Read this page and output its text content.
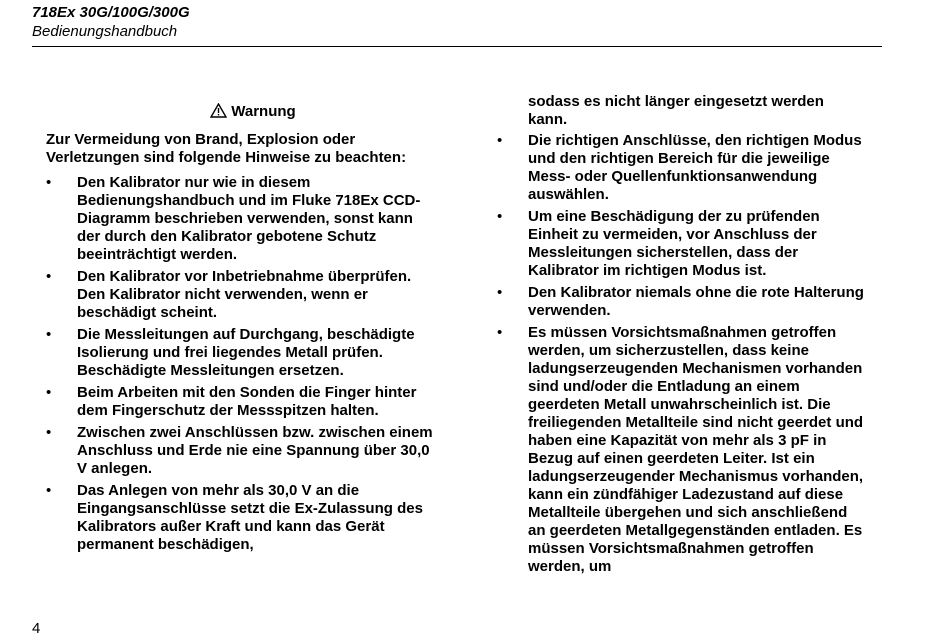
718Ex 30G/100G/300G
Bedienungshandbuch
Warnung
Zur Vermeidung von Brand, Explosion oder Verletzungen sind folgende Hinweise zu beachten:
• Den Kalibrator nur wie in diesem Bedienungshandbuch und im Fluke 718Ex CCD-Diagramm beschrieben verwenden, sonst kann der durch den Kalibrator gebotene Schutz beeinträchtigt werden.
• Den Kalibrator vor Inbetriebnahme überprüfen. Den Kalibrator nicht verwenden, wenn er beschädigt scheint.
• Die Messleitungen auf Durchgang, beschädigte Isolierung und frei liegendes Metall prüfen. Beschädigte Messleitungen ersetzen.
• Beim Arbeiten mit den Sonden die Finger hinter dem Fingerschutz der Messspitzen halten.
• Zwischen zwei Anschlüssen bzw. zwischen einem Anschluss und Erde nie eine Spannung über 30,0 V anlegen.
• Das Anlegen von mehr als 30,0 V an die Eingangsanschlüsse setzt die Ex-Zulassung des Kalibrators außer Kraft und kann das Gerät permanent beschädigen,
sodass es nicht länger eingesetzt werden kann.
• Die richtigen Anschlüsse, den richtigen Modus und den richtigen Bereich für die jeweilige Mess- oder Quellenfunktionsanwendung auswählen.
• Um eine Beschädigung der zu prüfenden Einheit zu vermeiden, vor Anschluss der Messleitungen sicherstellen, dass der Kalibrator im richtigen Modus ist.
• Den Kalibrator niemals ohne die rote Halterung verwenden.
• Es müssen Vorsichtsmaßnahmen getroffen werden, um sicherzustellen, dass keine ladungserzeugenden Mechanismen vorhanden sind und/oder die Entladung an einem geerdeten Metall unwahrscheinlich ist. Die freiliegenden Metallteile sind nicht geerdet und haben eine Kapazität von mehr als 3 pF in Bezug auf einen geerdeten Leiter. Ist ein ladungserzeugender Mechanismus vorhanden, kann ein zündfähiger Ladezustand auf diese Metallteile übergehen und sich anschließend an geerdeten Metallgegenständen entladen. Es müssen Vorsichtsmaßnahmen getroffen werden, um
4
